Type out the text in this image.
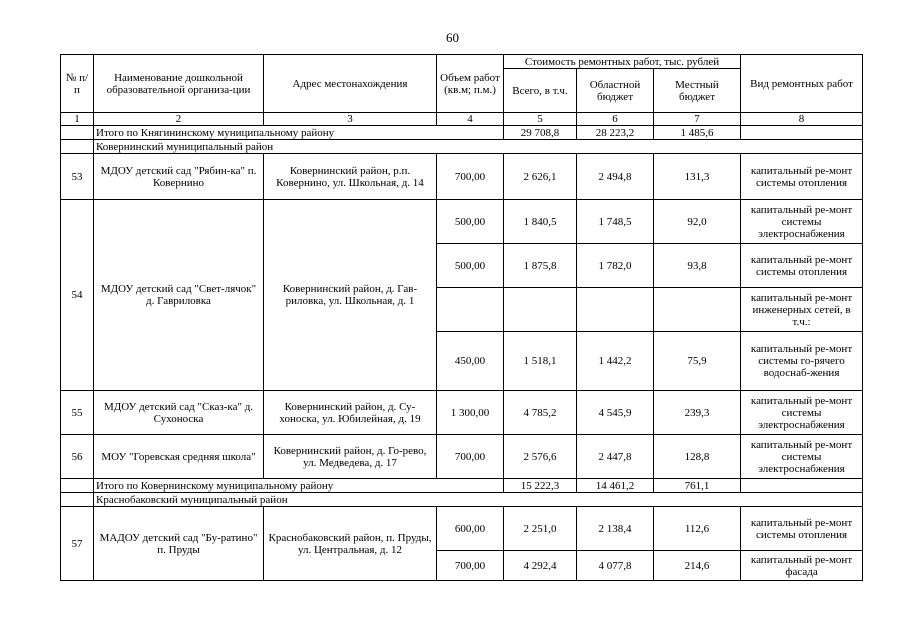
60
№ п/п	Наименование дошкольной образовательной организа-ции	Адрес местонахождения	Объем работ (кв.м; п.м.)	Стоимость ремонтных работ, тыс. рублей			Вид ремонтных работ
				Всего, в т.ч.	Областной бюджет	Местный бюджет	
1	2	3	4	5	6	7	8
	Итого по Княгининскому муниципальному району			29 708,8	28 223,2	1 485,6	
	Ковернинский муниципальный район						
53	МДОУ детский сад "Рябин-ка" п. Ковернино	Ковернинский район, р.п. Ковернино, ул. Школьная, д. 14	700,00	2 626,1	2 494,8	131,3	капитальный ре-монт системы отопления
54	МДОУ детский сад "Свет-лячок" д. Гавриловка	Ковернинский район, д. Гав-риловка, ул. Школьная, д. 1	500,00	1 840,5	1 748,5	92,0	капитальный ре-монт системы электроснабжения
			500,00	1 875,8	1 782,0	93,8	капитальный ре-монт системы отопления
							капитальный ре-монт инженерных сетей, в т.ч.:
			450,00	1 518,1	1 442,2	75,9	капитальный ре-монт системы го-рячего водоснаб-жения
55	МДОУ детский сад "Сказ-ка" д. Сухоноска	Ковернинский район, д. Су-хоноска, ул. Юбилейная, д. 19	1 300,00	4 785,2	4 545,9	239,3	капитальный ре-монт системы электроснабжения
56	МОУ "Горевская средняя школа"	Ковернинский район, д. Го-рево, ул. Медведева, д. 17	700,00	2 576,6	2 447,8	128,8	капитальный ре-монт системы электроснабжения
	Итого по Ковернинскому муниципальному району			15 222,3	14 461,2	761,1	
	Краснобаковский муниципальный район						
57	МАДОУ детский сад "Бу-ратино" п. Пруды	Краснобаковский район, п. Пруды, ул. Центральная, д. 12	600,00	2 251,0	2 138,4	112,6	капитальный ре-монт системы отопления
			700,00	4 292,4	4 077,8	214,6	капитальный ре-монт фасада
